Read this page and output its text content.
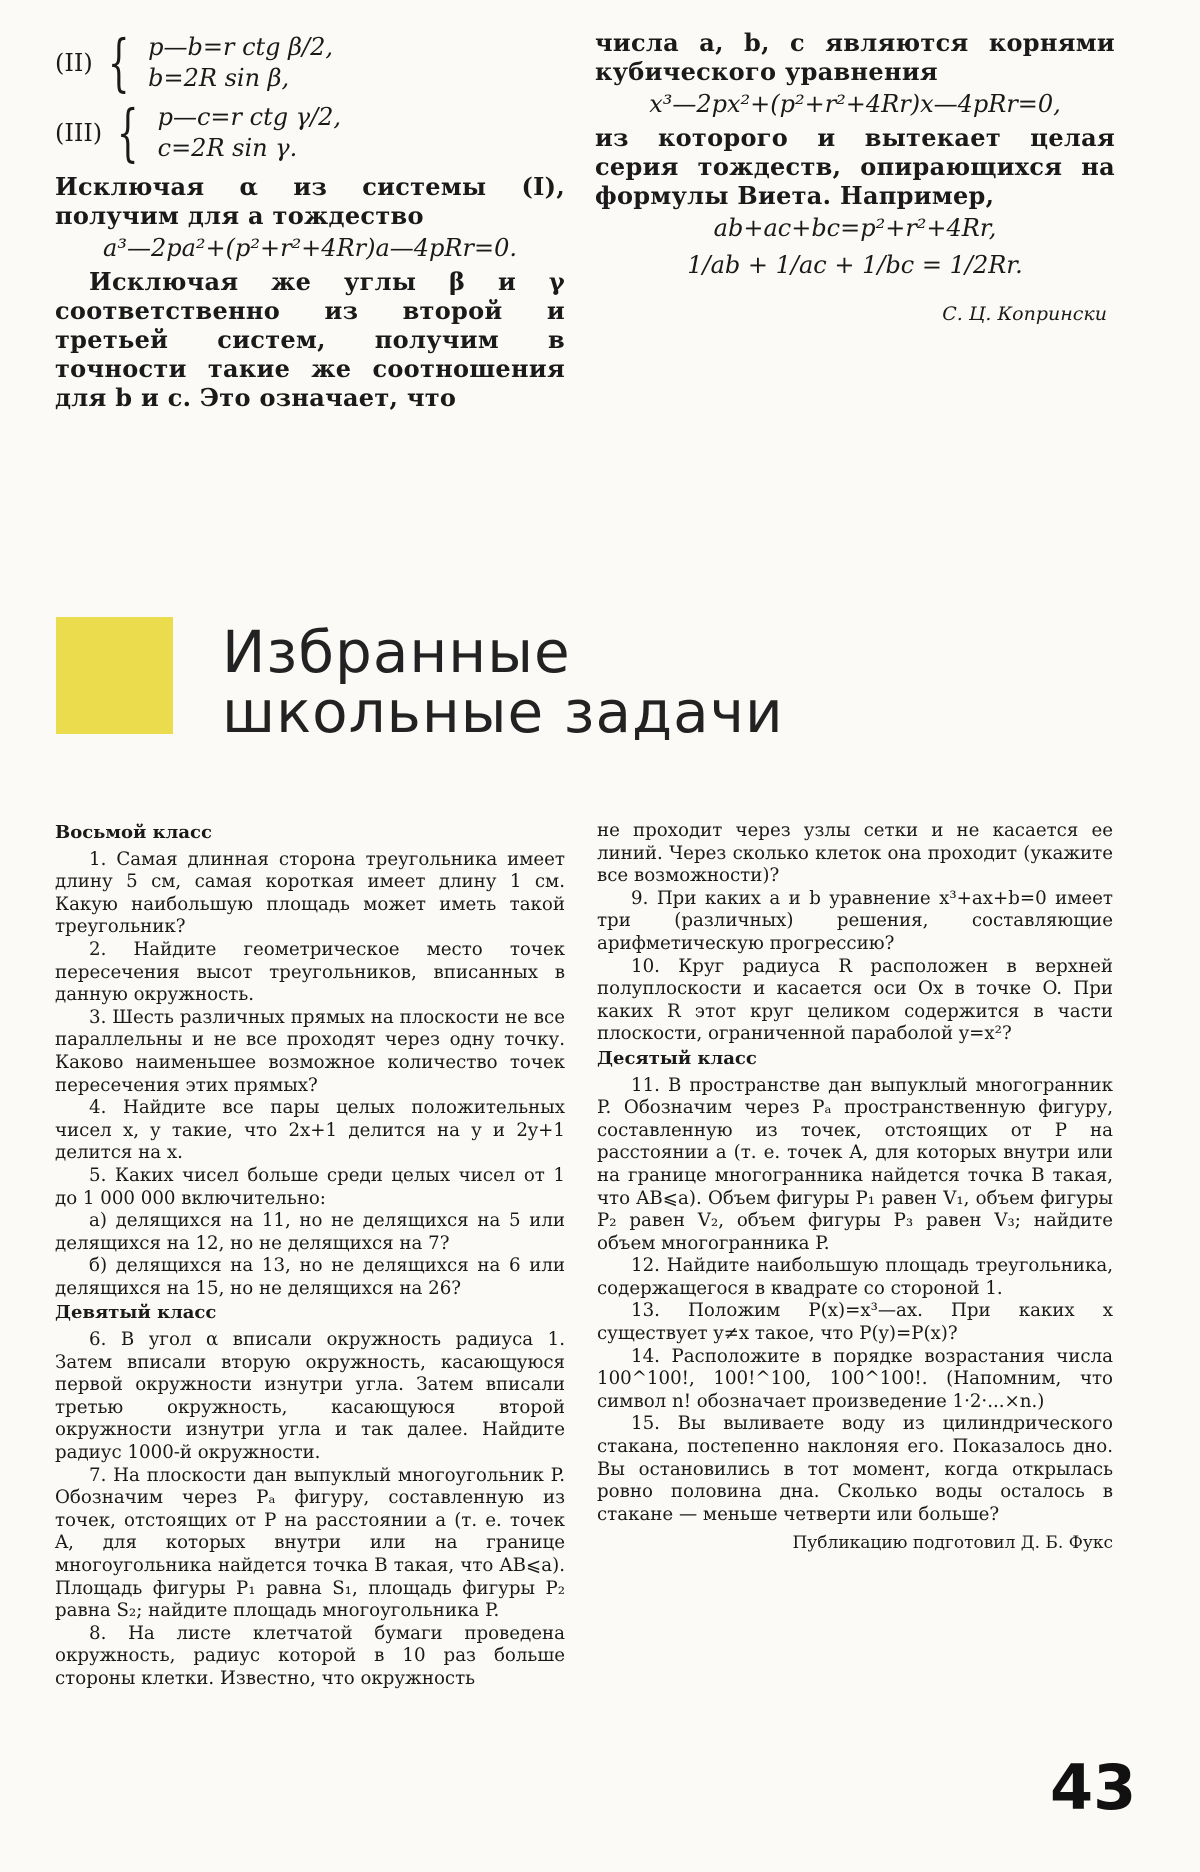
(II) { p—b=r ctg β/2,
b=2R sin β,
(III) { p—c=r ctg γ/2,
c=2R sin γ.

Исключая α из системы (I), получим для a тождество

a³—2pa²+(p²+r²+4Rr)a—4pRr=0.

Исключая же углы β и γ соответственно из второй и третьей систем, получим в точности такие же соотношения для b и c. Это означает, что

числа a, b, c являются корнями кубического уравнения

x³—2px²+(p²+r²+4Rr)x—4pRr=0,

из которого и вытекает целая серия тождеств, опирающихся на формулы Виета. Например,

ab+ac+bc=p²+r²+4Rr,
1/ab + 1/ac + 1/bc = 1/2Rr.
С. Ц. Копрински
Избранные
школьные задачи
Восьмой класс

1. Самая длинная сторона треугольника имеет длину 5 см, самая короткая имеет длину 1 см. Какую наибольшую площадь может иметь такой треугольник?

2. Найдите геометрическое место точек пересечения высот треугольников, вписанных в данную окружность.

3. Шесть различных прямых на плоскости не все параллельны и не все проходят через одну точку. Каково наименьшее возможное количество точек пересечения этих прямых?

4. Найдите все пары целых положительных чисел x, y такие, что 2x+1 делится на y и 2y+1 делится на x.

5. Каких чисел больше среди целых чисел от 1 до 1 000 000 включительно:

а) делящихся на 11, но не делящихся на 5 или делящихся на 12, но не делящихся на 7?

б) делящихся на 13, но не делящихся на 6 или делящихся на 15, но не делящихся на 26?

Девятый класс

6. В угол α вписали окружность радиуса 1. Затем вписали вторую окружность, касающуюся первой окружности изнутри угла. Затем вписали третью окружность, касающуюся второй окружности изнутри угла и так далее. Найдите радиус 1000-й окружности.

7. На плоскости дан выпуклый многоугольник P. Обозначим через Pₐ фигуру, составленную из точек, отстоящих от P на расстоянии a (т. е. точек A, для которых внутри или на границе многоугольника найдется точка B такая, что AB⩽a). Площадь фигуры P₁ равна S₁, площадь фигуры P₂ равна S₂; найдите площадь многоугольника P.

8. На листе клетчатой бумаги проведена окружность, радиус которой в 10 раз больше стороны клетки. Известно, что окружность

не проходит через узлы сетки и не касается ее линий. Через сколько клеток она проходит (укажите все возможности)?

9. При каких a и b уравнение x³+ax+b=0 имеет три (различных) решения, составляющие арифметическую прогрессию?

10. Круг радиуса R расположен в верхней полуплоскости и касается оси Ox в точке O. При каких R этот круг целиком содержится в части плоскости, ограниченной параболой y=x²?

Десятый класс

11. В пространстве дан выпуклый многогранник P. Обозначим через Pₐ пространственную фигуру, составленную из точек, отстоящих от P на расстоянии a (т. е. точек A, для которых внутри или на границе многогранника найдется точка B такая, что AB⩽a). Объем фигуры P₁ равен V₁, объем фигуры P₂ равен V₂, объем фигуры P₃ равен V₃; найдите объем многогранника P.

12. Найдите наибольшую площадь треугольника, содержащегося в квадрате со стороной 1.

13. Положим P(x)=x³—ax. При каких x существует y≠x такое, что P(y)=P(x)?

14. Расположите в порядке возрастания числа 100^100!, 100!^100, 100^100!. (Напомним, что символ n! обозначает произведение 1·2·...×n.)

15. Вы выливаете воду из цилиндрического стакана, постепенно наклоняя его. Показалось дно. Вы остановились в тот момент, когда открылась ровно половина дна. Сколько воды осталось в стакане — меньше четверти или больше?

Публикацию подготовил Д. Б. Фукс
43
